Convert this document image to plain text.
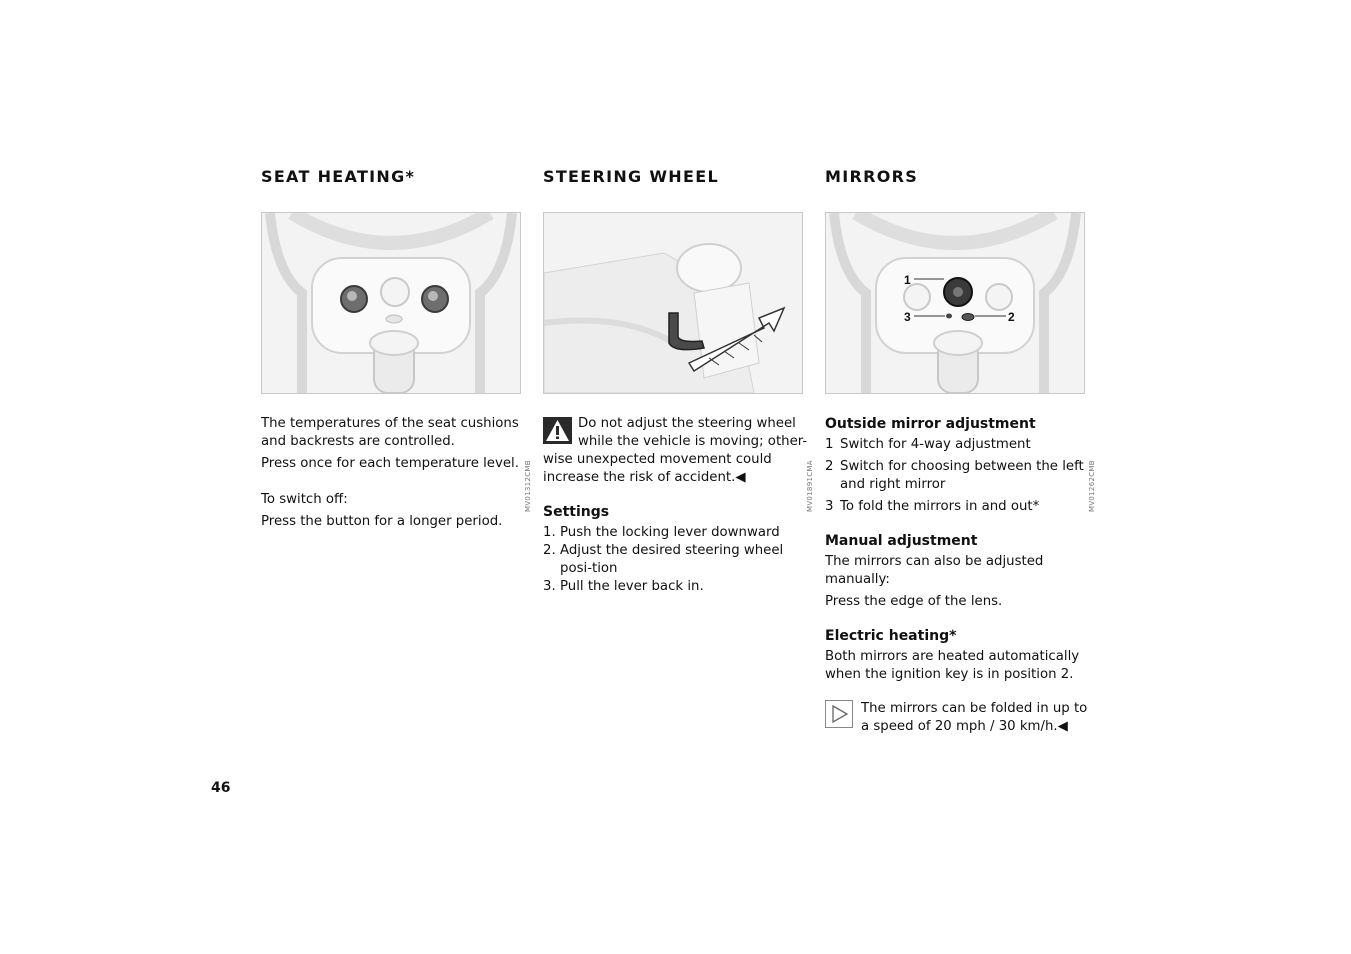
SEAT HEATING*
MV01312CMB

The temperatures of the seat cushions and backrests are controlled.

Press once for each temperature level.

To switch off:

Press the button for a longer period.

STEERING WHEEL
MV01891CMA

Do not adjust the steering wheel while the vehicle is moving; other-wise unexpected movement could increase the risk of accident.◀

Settings
1. Push the locking lever downward
2. Adjust the desired steering wheel posi-tion
3. Pull the lever back in.
MIRRORS
1
2
3
MV01262CMB
Outside mirror adjustment
1 Switch for 4-way adjustment
2 Switch for choosing between the left and right mirror
3 To fold the mirrors in and out*
Manual adjustment

The mirrors can also be adjusted manually:

Press the edge of the lens.

Electric heating*

Both mirrors are heated automatically when the ignition key is in position 2.

The mirrors can be folded in up to a speed of 20 mph / 30 km/h.◀

46
